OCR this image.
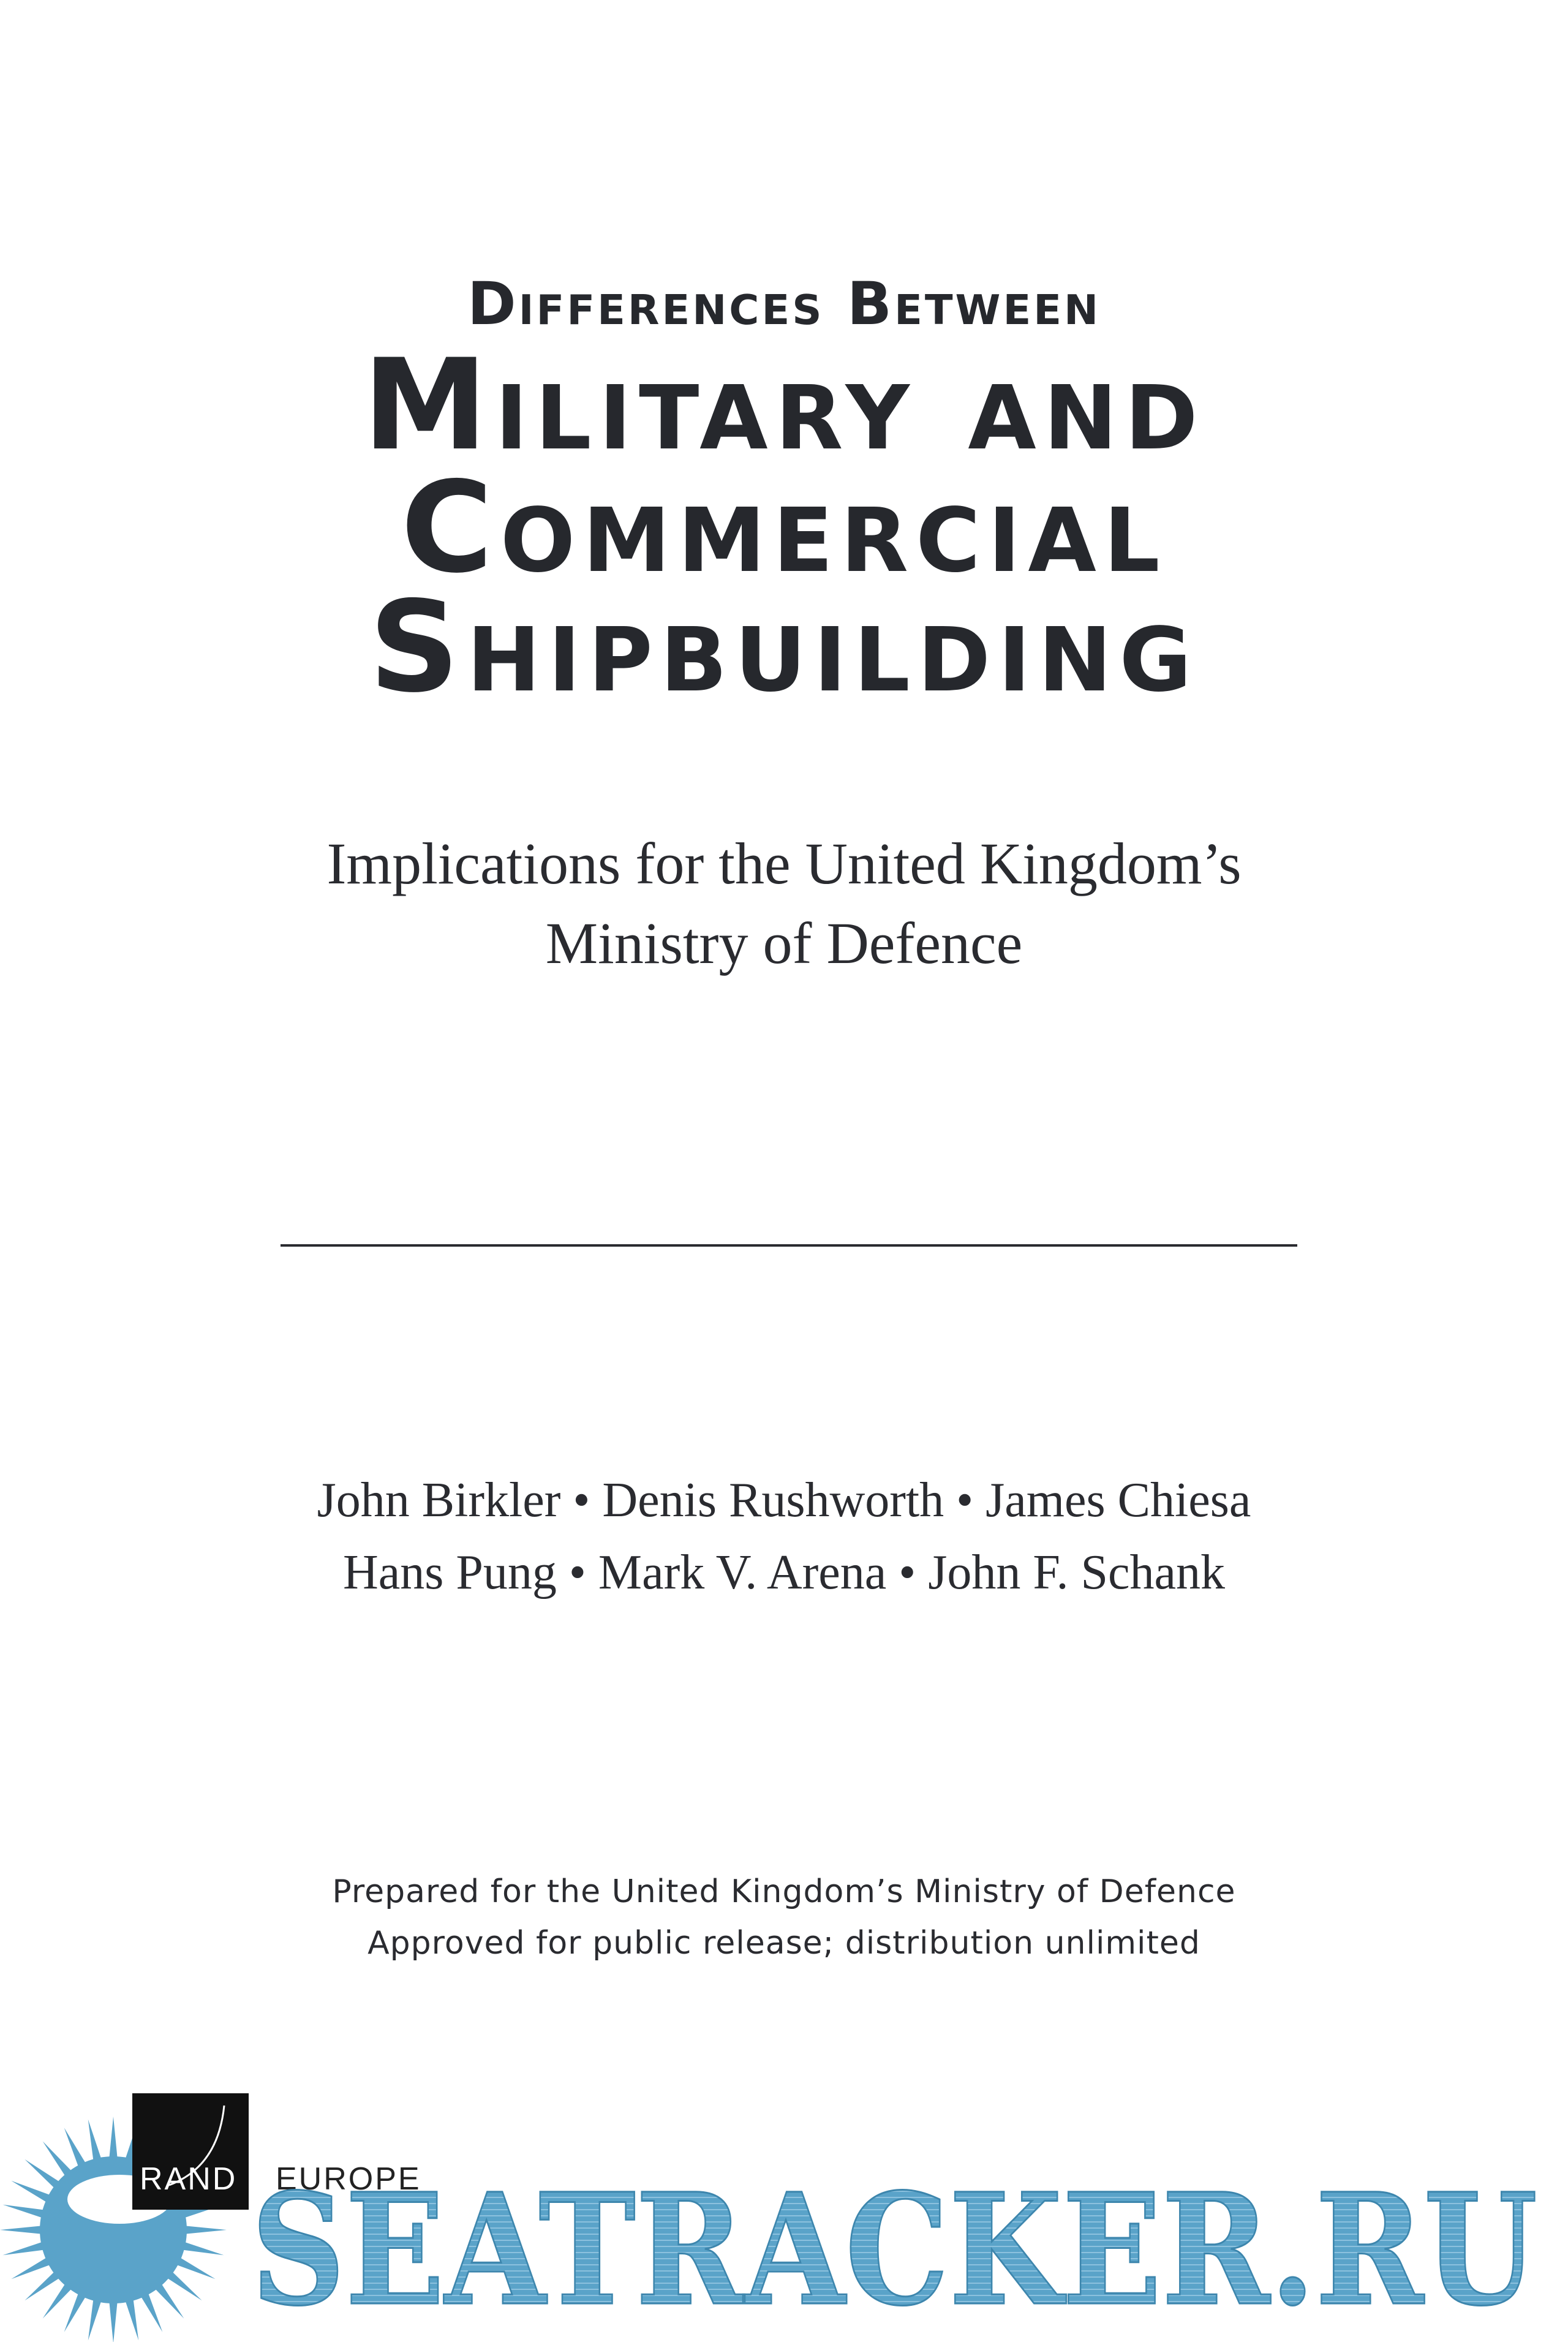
Differences Between
Military and
Commercial
Shipbuilding
Implications for the United Kingdom’s
Ministry of Defence
John Birkler • Denis Rushworth • James Chiesa
Hans Pung • Mark V. Arena • John F. Schank
Prepared for the United Kingdom’s Ministry of Defence
Approved for public release; distribution unlimited
RAND EUROPE
SEATRACKER.RU
